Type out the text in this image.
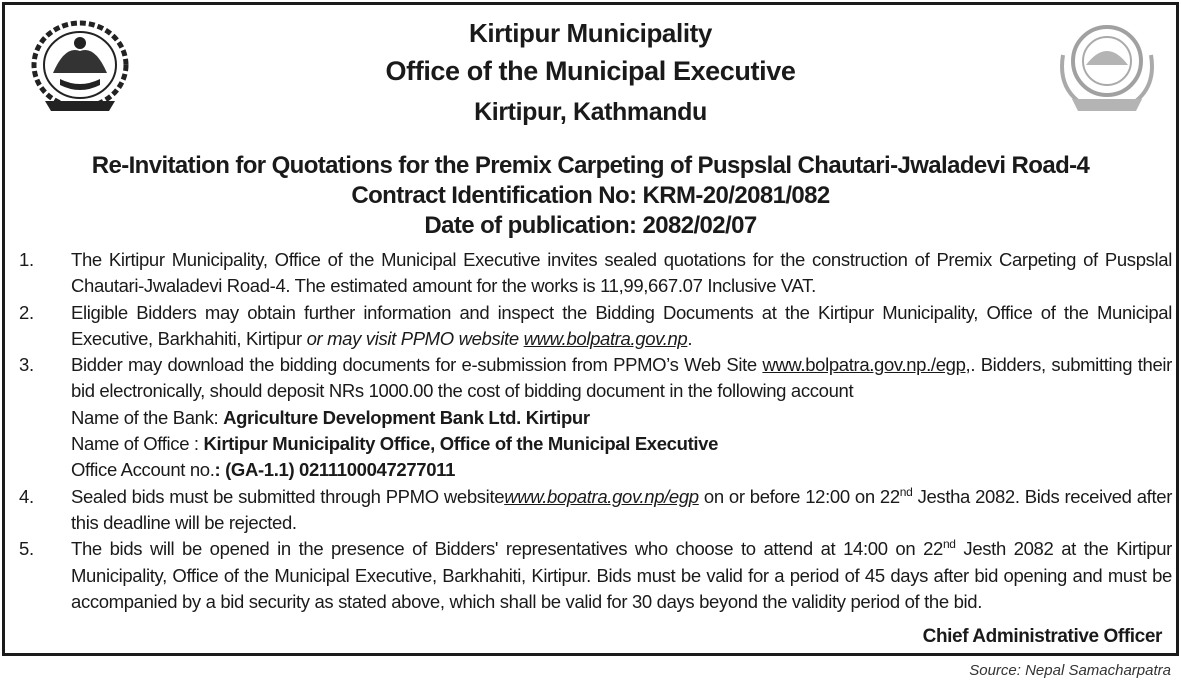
Kirtipur Municipality
Office of the Municipal Executive
Kirtipur, Kathmandu
Re-Invitation for Quotations for the Premix Carpeting of Puspslal Chautari-Jwaladevi Road-4
Contract Identification No: KRM-20/2081/082
Date of publication: 2082/02/07
1.	The Kirtipur Municipality, Office of the Municipal Executive invites sealed quotations for the construction of Premix Carpeting of Puspslal Chautari-Jwaladevi Road-4. The estimated amount for the works is 11,99,667.07 Inclusive VAT.
2.	Eligible Bidders may obtain further information and inspect the Bidding Documents at the Kirtipur Municipality, Office of the Municipal Executive, Barkhahiti, Kirtipur or may visit PPMO website www.bolpatra.gov.np.
3.	Bidder may download the bidding documents for e-submission from PPMO’s Web Site www.bolpatra.gov.np./egp,. Bidders, submitting their bid electronically, should deposit NRs 1000.00 the cost of bidding document in the following account
Name of the Bank: Agriculture Development Bank Ltd. Kirtipur
Name of Office : Kirtipur Municipality Office, Office of the Municipal Executive
Office Account no.: (GA-1.1) 0211100047277011
4.	Sealed bids must be submitted through PPMO websitewww.bopatra.gov.np/egp on or before 12:00 on 22nd Jestha 2082. Bids received after this deadline will be rejected.
5.	The bids will be opened in the presence of Bidders' representatives who choose to attend at 14:00 on 22nd Jesth 2082 at the Kirtipur Municipality, Office of the Municipal Executive, Barkhahiti, Kirtipur. Bids must be valid for a period of 45 days after bid opening and must be accompanied by a bid security as stated above, which shall be valid for 30 days beyond the validity period of the bid.
Chief Administrative Officer
Source: Nepal Samacharpatra
